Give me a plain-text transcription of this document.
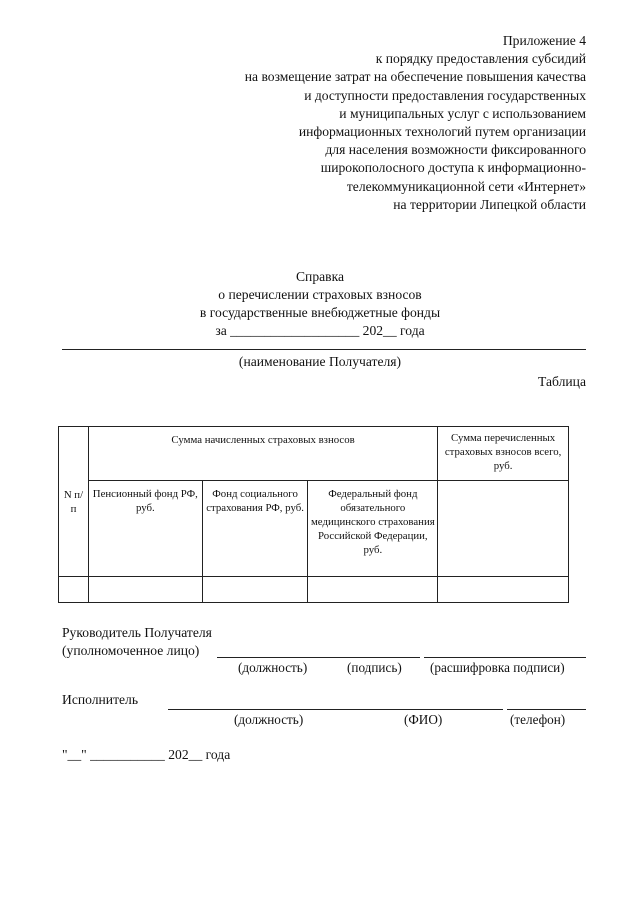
Приложение 4
к порядку предоставления субсидий
на возмещение затрат на обеспечение повышения качества
и доступности предоставления государственных
и муниципальных услуг с использованием
информационных технологий путем организации
для населения возможности фиксированного
широкополосного доступа к информационно-
телекоммуникационной сети «Интернет»
на территории Липецкой области
Справка
о перечислении страховых взносов
в государственные внебюджетные фонды
за ___________________ 202__ года
(наименование Получателя)
Таблица
N п/п	Сумма начисленных страховых взносов			Сумма перечисленных страховых взносов всего, руб.
	Пенсионный фонд РФ, руб.	Фонд социального страхования РФ, руб.	Федеральный фонд обязательного медицинского страхования Российской Федерации, руб.	

Руководитель Получателя
(уполномоченное лицо)
(должность)	(подпись) (расшифровка подписи)
Исполнитель
(должность)	(ФИО)	(телефон)
"__" ___________ 202__ года
